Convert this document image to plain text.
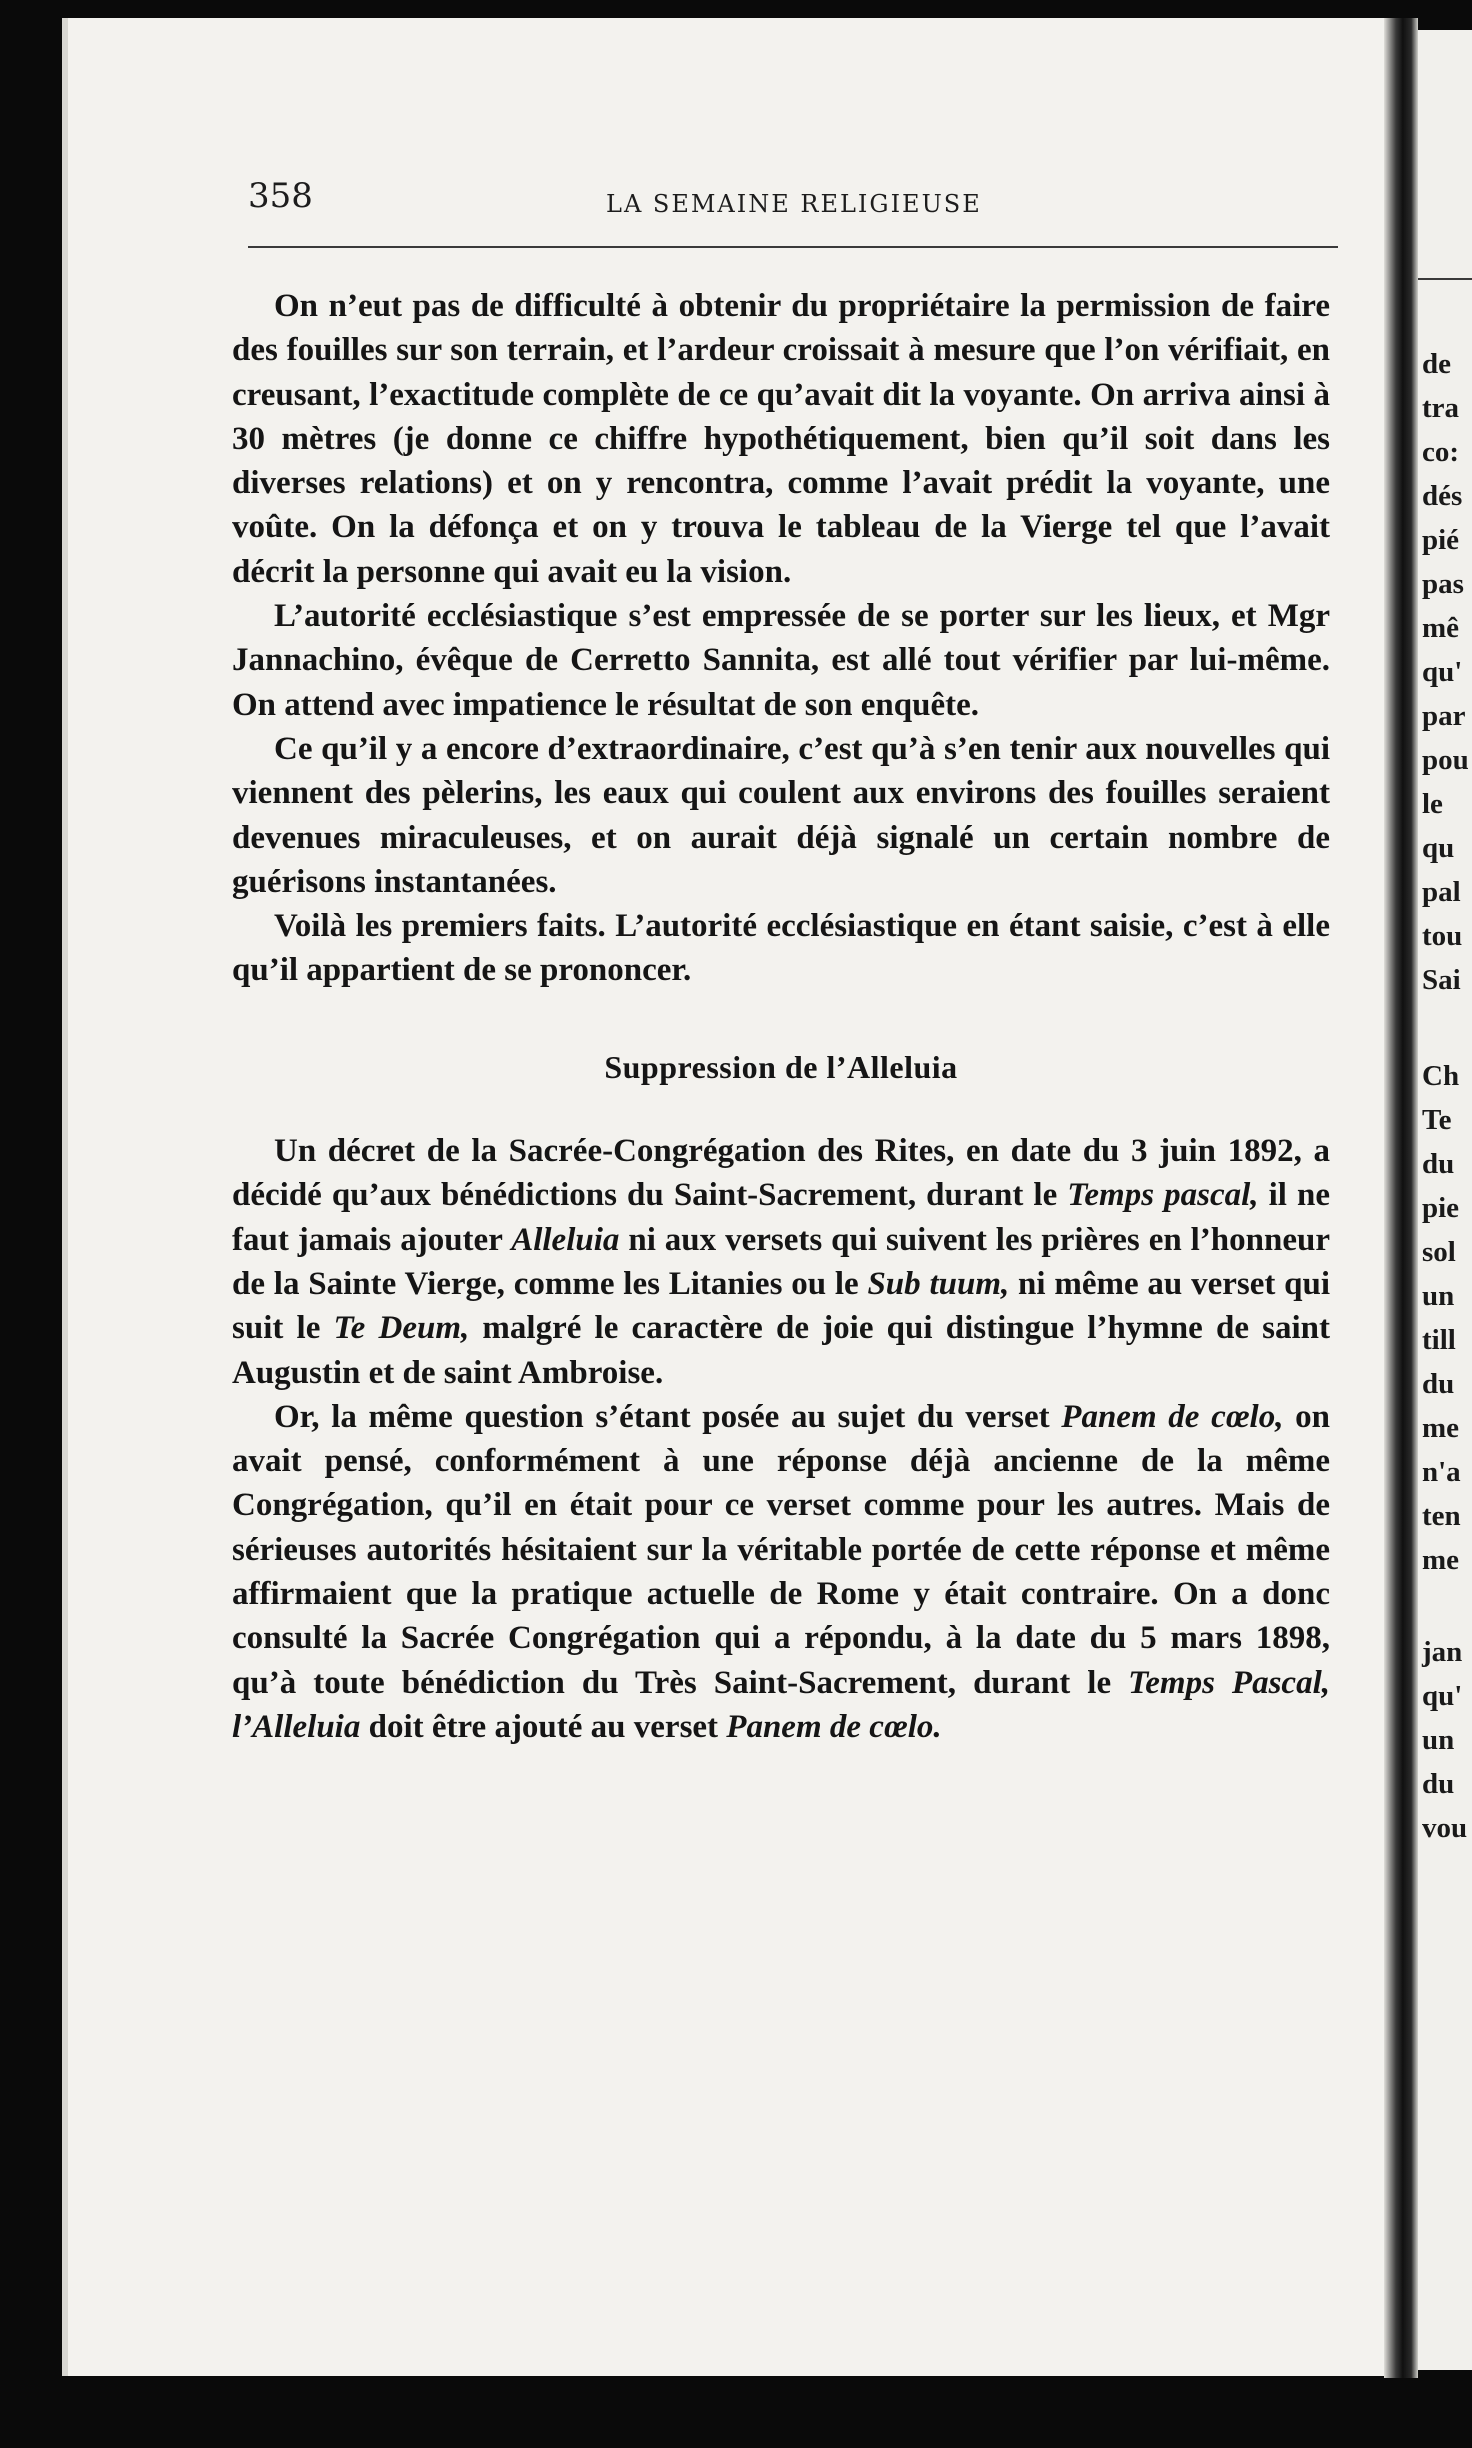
de
tra
co:
dés
pié
pas
mê
qu'
par
pou
le
qu
pal
tou
Sai
Ch
Te
du
pie
sol
un
till
du
me
n'a
ten
me
jan
qu'
un
du
vou
358	LA SEMAINE RELIGIEUSE

On n’eut pas de difficulté à obtenir du propriétaire la permission de faire des fouilles sur son terrain, et l’ardeur croissait à mesure que l’on vérifiait, en creusant, l’exactitude complète de ce qu’avait dit la voyante. On arriva ainsi à 30 mètres (je donne ce chiffre hypothétiquement, bien qu’il soit dans les diverses relations) et on y rencontra, comme l’avait prédit la voyante, une voûte. On la défonça et on y trouva le tableau de la Vierge tel que l’avait décrit la personne qui avait eu la vision.

L’autorité ecclésiastique s’est empressée de se porter sur les lieux, et Mgr Jannachino, évêque de Cerretto Sannita, est allé tout vérifier par lui-même. On attend avec impatience le résultat de son enquête.

Ce qu’il y a encore d’extraordinaire, c’est qu’à s’en tenir aux nouvelles qui viennent des pèlerins, les eaux qui coulent aux environs des fouilles seraient devenues miraculeuses, et on aurait déjà signalé un certain nombre de guérisons instantanées.

Voilà les premiers faits. L’autorité ecclésiastique en étant saisie, c’est à elle qu’il appartient de se prononcer.

Suppression de l’Alleluia

Un décret de la Sacrée-Congrégation des Rites, en date du 3 juin 1892, a décidé qu’aux bénédictions du Saint-Sacrement, durant le Temps pascal, il ne faut jamais ajouter Alleluia ni aux versets qui suivent les prières en l’honneur de la Sainte Vierge, comme les Litanies ou le Sub tuum, ni même au verset qui suit le Te Deum, malgré le caractère de joie qui distingue l’hymne de saint Augustin et de saint Ambroise.

Or, la même question s’étant posée au sujet du verset Panem de cœlo, on avait pensé, conformément à une réponse déjà ancienne de la même Congrégation, qu’il en était pour ce verset comme pour les autres. Mais de sérieuses autorités hésitaient sur la véritable portée de cette réponse et même affirmaient que la pratique actuelle de Rome y était contraire. On a donc consulté la Sacrée Congrégation qui a répondu, à la date du 5 mars 1898, qu’à toute bénédiction du Très Saint-Sacrement, durant le Temps Pascal, l’Alleluia doit être ajouté au verset Panem de cœlo.
